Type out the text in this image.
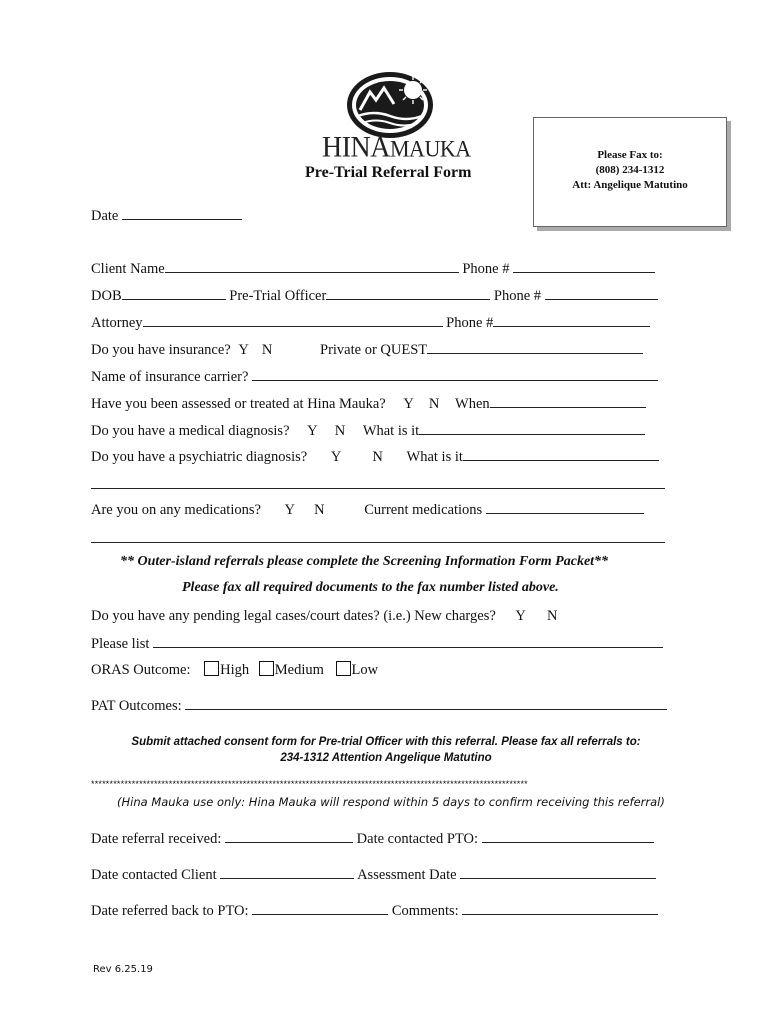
HINAMAUKA	Please Fax to:
(808) 234-1312
Att: Angelique Matutino
Pre-Trial Referral Form
Date
Client Name	Phone #
DOB	Pre-Trial Officer	Phone #
Attorney	Phone #
Do you have insurance? Y N	Private or QUEST
Name of insurance carrier?
Have you been assessed or treated at Hina Mauka? Y N When
Do you have a medical diagnosis? Y N What is it
Do you have a psychiatric diagnosis? Y N What is it
Are you on any medications? Y N	Current medications
** Outer-island referrals please complete the Screening Information Form Packet**
Please fax all required documents to the fax number listed above.
Do you have any pending legal cases/court dates? (i.e.) New charges? Y N
Please list
ORAS Outcome: High Medium Low
PAT Outcomes:
Submit attached consent form for Pre-trial Officer with this referral. Please fax all referrals to:
234-1312 Attention Angelique Matutino
**********************************************************************************************************************
(Hina Mauka use only: Hina Mauka will respond within 5 days to confirm receiving this referral)
Date referral received:	Date contacted PTO:
Date contacted Client	Assessment Date
Date referred back to PTO:	Comments:
Rev 6.25.19
